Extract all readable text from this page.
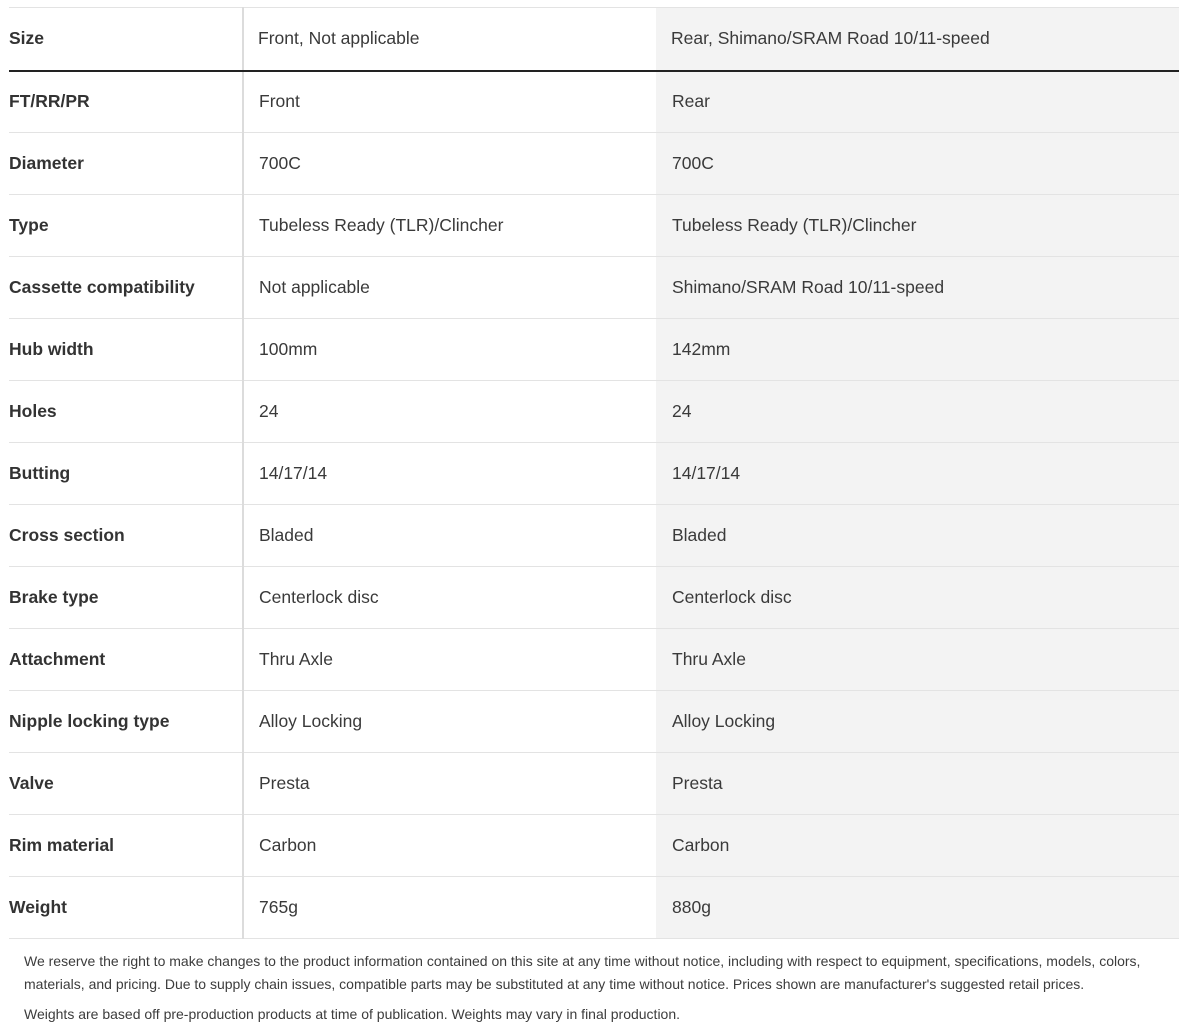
Size	Front, Not applicable	Rear, Shimano/SRAM Road 10/11-speed
FT/RR/PR	Front	Rear
Diameter	700C	700C
Type	Tubeless Ready (TLR)/Clincher	Tubeless Ready (TLR)/Clincher
Cassette compatibility	Not applicable	Shimano/SRAM Road 10/11-speed
Hub width	100mm	142mm
Holes	24	24
Butting	14/17/14	14/17/14
Cross section	Bladed	Bladed
Brake type	Centerlock disc	Centerlock disc
Attachment	Thru Axle	Thru Axle
Nipple locking type	Alloy Locking	Alloy Locking
Valve	Presta	Presta
Rim material	Carbon	Carbon
Weight	765g	880g

We reserve the right to make changes to the product information contained on this site at any time without notice, including with respect to equipment, specifications, models, colors, materials, and pricing. Due to supply chain issues, compatible parts may be substituted at any time without notice. Prices shown are manufacturer's suggested retail prices.

Weights are based off pre-production products at time of publication. Weights may vary in final production.
